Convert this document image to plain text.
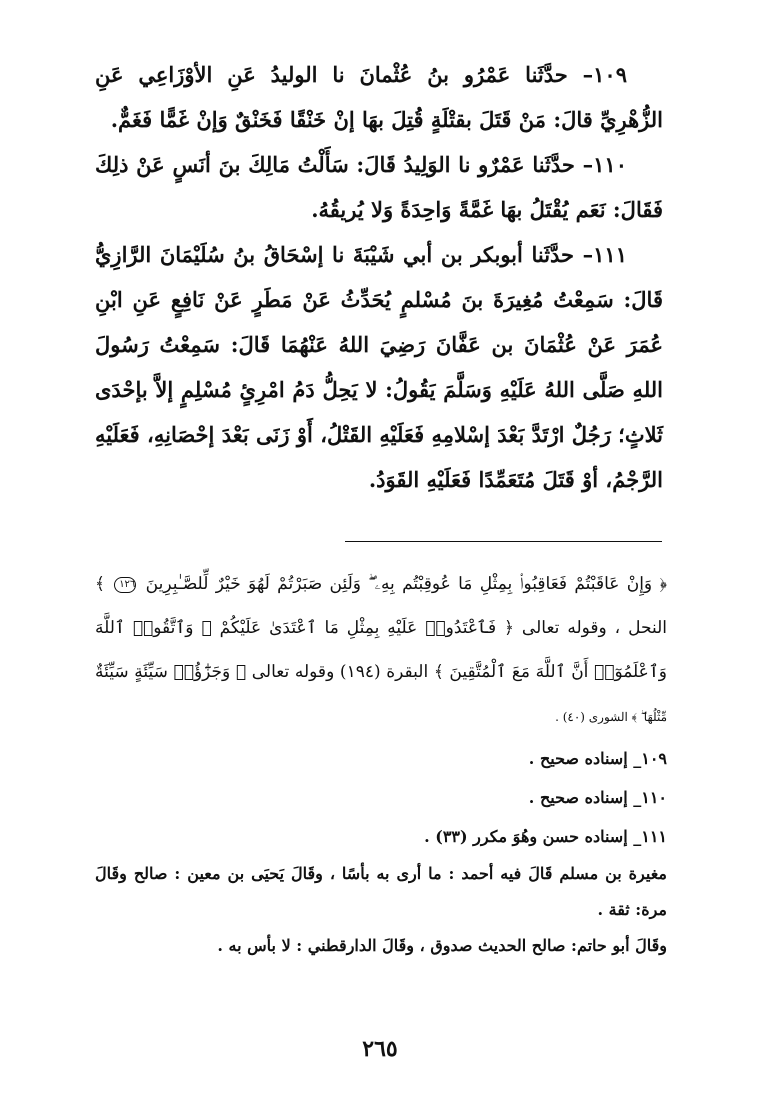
١٠٩– حدَّثَنا عَمْرُو بنُ عُثْمانَ نا الوليدُ عَنِ الأوْزَاعِي عَنِ الزُّهْرِيِّ قالَ: مَنْ قَتَلَ بقتْلَةٍ قُتِلَ بهَا إنْ خَنْقًا فَخَنْقٌ وَإنْ غَمًّا فَغَمٌّ.

١١٠– حدَّثَنا عَمْرٌو نا الوَلِيدُ قَالَ: سَأَلْتُ مَالِكَ بنَ أنَسٍ عَنْ ذلِكَ فَقَالَ: نَعَم يُقْتَلُ بهَا غَمَّةً وَاحِدَةً وَلا يُريقُهُ.

١١١– حدَّثَنا أبوبكر بن أبي شَيْبَةَ نا إسْحَاقُ بنُ سُلَيْمَانَ الرَّازِيُّ قَالَ: سَمِعْتُ مُغِيرَةَ بنَ مُسْلمٍ يُحَدِّثُ عَنْ مَطَرٍ عَنْ نَافِعٍ عَنِ ابْنِ عُمَرَ عَنْ عُثْمَانَ بن عَفَّانَ رَضِيَ اللهُ عَنْهُمَا قَالَ: سَمِعْتُ رَسُولَ اللهِ صَلَّى اللهُ عَلَيْهِ وَسَلَّمَ يَقُولُ: لا يَحِلُّ دَمُ امْرِئٍ مُسْلِمٍ إلاَّ بإحْدَى ثَلاثٍ؛ رَجُلٌ ارْتَدَّ بَعْدَ إسْلامِهِ فَعَلَيْهِ القَتْلُ، أَوْ زَنَى بَعْدَ إحْصَانِهِ، فَعَلَيْهِ الرَّجْمُ، أوْ قَتَلَ مُتَعَمِّدًا فَعَلَيْهِ القَوَدُ.

﴿ وَإِنْ عَاقَبْتُمْ فَعَاقِبُوا۟ بِمِثْلِ مَا عُوقِبْتُم بِهِۦ ۖ وَلَئِن صَبَرْتُمْ لَهُوَ خَيْرٌ لِّلصَّـٰبِرِينَ ١٢٦ ﴾ النحل ، وقوله تعالى ﴿ فَٱعْتَدُوا۟ عَلَيْهِ بِمِثْلِ مَا ٱعْتَدَىٰ عَلَيْكُمْ ۚ وَٱتَّقُوا۟ ٱللَّهَ وَٱعْلَمُوٓا۟ أَنَّ ٱللَّهَ مَعَ ٱلْمُتَّقِينَ ﴾ البقرة (١٩٤) وقوله تعالى ﴿ وَجَزَٰٓؤُا۟ سَيِّئَةٍ سَيِّئَةٌ مِّثْلُهَا ۖ ﴾ الشورى (٤٠) .

١٠٩_ إسناده صحيح .

١١٠_ إسناده صحيح .

١١١_ إسناده حسن وهُوَ مكرر (٣٣) .

مغيرة بن مسلم قَالَ فيه أحمد : ما أرى به بأسًا ، وقَالَ يَحيَى بن معين : صالح وقَالَ مرة: ثقة .

وقَالَ أبو حاتم: صالح الحديث صدوق ، وقَالَ الدارقطني : لا بأس به .

٢٦٥
